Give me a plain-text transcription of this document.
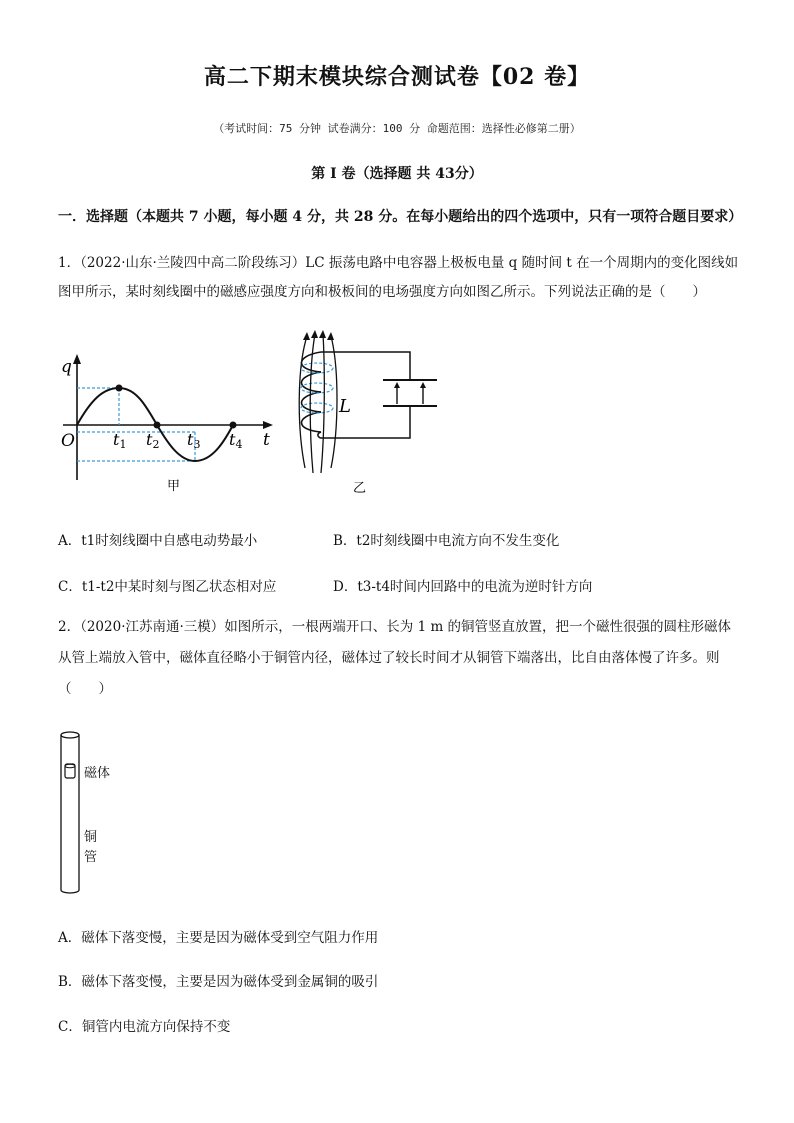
高二下期末模块综合测试卷【02 卷】
（考试时间：75 分钟 试卷满分：100 分 命题范围：选择性必修第二册）
第 I 卷（选择题 共 43分）
一．选择题（本题共 7 小题，每小题 4 分，共 28 分。在每小题给出的四个选项中，只有一项符合题目要求）
1．（2022·山东·兰陵四中高二阶段练习）LC 振荡电路中电容器上极板电量 q 随时间 t 在一个周期内的变化图线如
图甲所示，某时刻线圈中的磁感应强度方向和极板间的电场强度方向如图乙所示。下列说法正确的是（　　）
q
t
O t1 t2 t3 t4
甲
L
乙
A．t1时刻线圈中自感电动势最小	B．t2时刻线圈中电流方向不发生变化
C．t1-t2中某时刻与图乙状态相对应	D．t3-t4时间内回路中的电流为逆时针方向
2．（2020·江苏南通·三模）如图所示，一根两端开口、长为 1 m 的铜管竖直放置，把一个磁性很强的圆柱形磁体
从管上端放入管中，磁体直径略小于铜管内径，磁体过了较长时间才从铜管下端落出，比自由落体慢了许多。则
（　　）
磁体
铜
管
A．磁体下落变慢，主要是因为磁体受到空气阻力作用
B．磁体下落变慢，主要是因为磁体受到金属铜的吸引
C．铜管内电流方向保持不变
